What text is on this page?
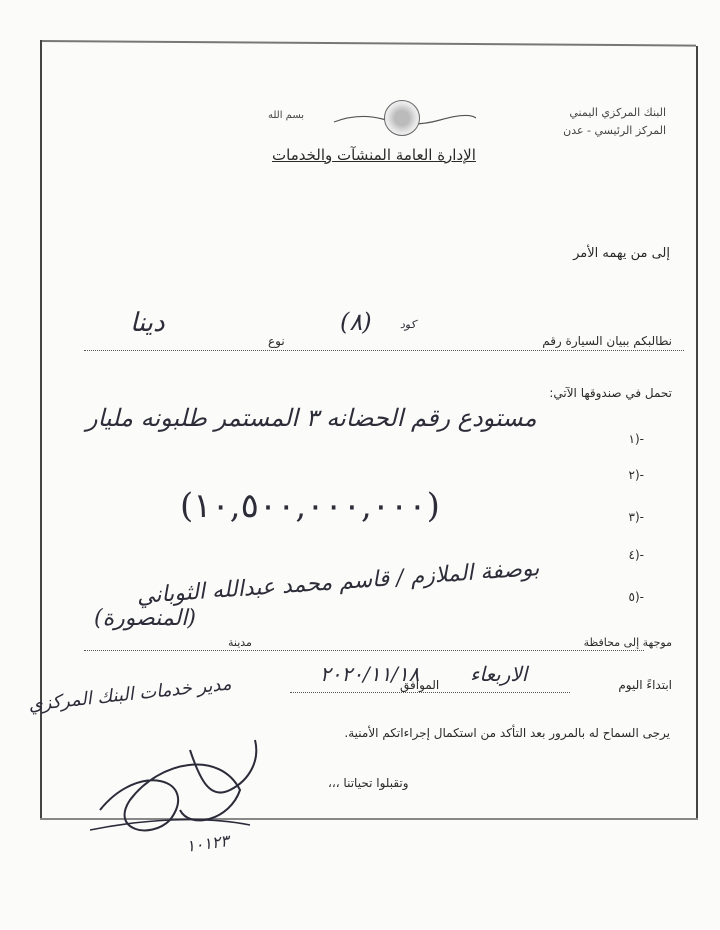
البنك المركزي اليمني
المركز الرئيسي - عدن
بسم الله
الإدارة العامة المنشآت والخدمات
إلى من يهمه الأمر
نطالبكم ببيان السيارة رقم
(٨)	كود
نوع
دينا
تحمل في صندوقها الآتي:
-(١
مستودع رقم الحضانه ٣ المستمر طلبونه مليار
-(٢
-(٣
(١٠,٥٠٠,٠٠٠,٠٠٠)
-(٤
بوصفة الملازم / قاسم محمد عبدالله الثوباني	-(٥
موجهة إلى محافظة
مدينة
(المنصورة)
ابتداءً اليوم
الاربعاء
الموافق
٢٠٢٠/١١/١٨
يرجى السماح له بالمرور بعد التأكد من استكمال إجراءاتكم الأمنية.
وتقبلوا تحياتنا ،،،
مدير خدمات البنك المركزي
١٠١٢٣
